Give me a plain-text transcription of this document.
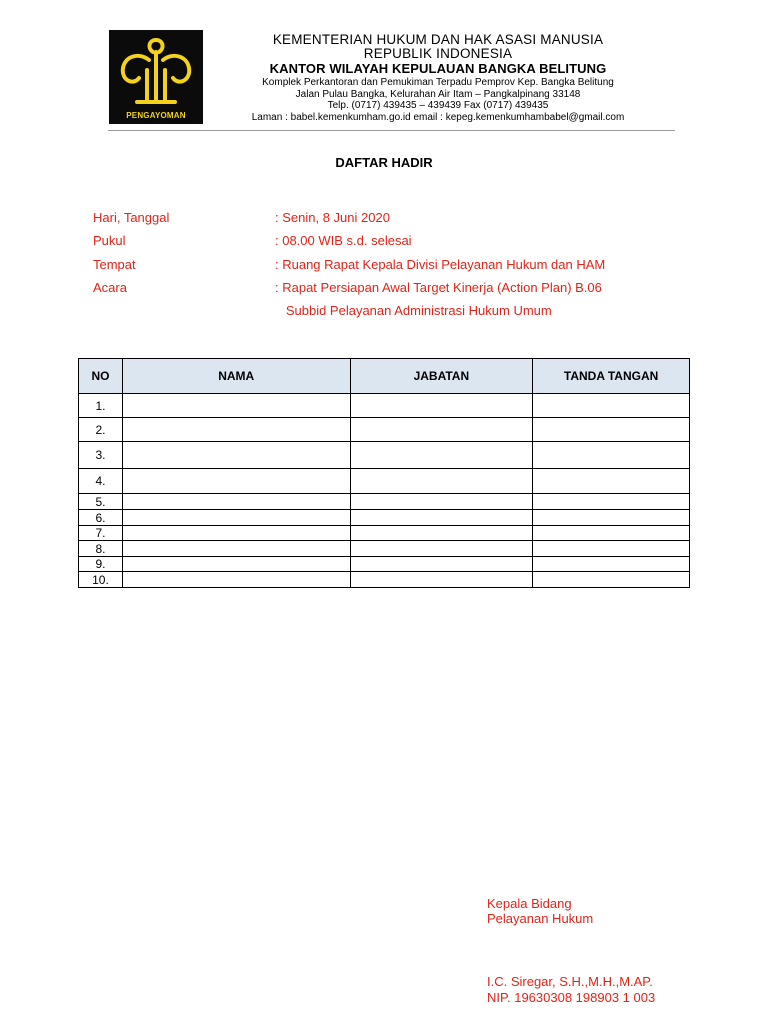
PENGAYOMAN
KEMENTERIAN HUKUM DAN HAK ASASI MANUSIA
REPUBLIK INDONESIA
KANTOR WILAYAH KEPULAUAN BANGKA BELITUNG
Komplek Perkantoran dan Pemukiman Terpadu Pemprov Kep. Bangka Belitung
Jalan Pulau Bangka, Kelurahan Air Itam – Pangkalpinang 33148
Telp. (0717) 439435 – 439439 Fax (0717) 439435
Laman : babel.kemenkumham.go.id email : kepeg.kemenkumhambabel@gmail.com
DAFTAR HADIR
Hari, Tanggal	: Senin, 8 Juni 2020
Pukul	: 08.00 WIB s.d. selesai
Tempat	: Ruang Rapat Kepala Divisi Pelayanan Hukum dan HAM
Acara	: Rapat Persiapan Awal Target Kinerja (Action Plan) B.06
Subbid Pelayanan Administrasi Hukum Umum
NO	NAMA	JABATAN	TANDA TANGAN
1.			
2.			
3.			
4.			
5.			
6.			
7.			
8.			
9.			
10.			
Kepala Bidang
Pelayanan Hukum
I.C. Siregar, S.H.,M.H.,M.AP.
NIP. 19630308 198903 1 003
